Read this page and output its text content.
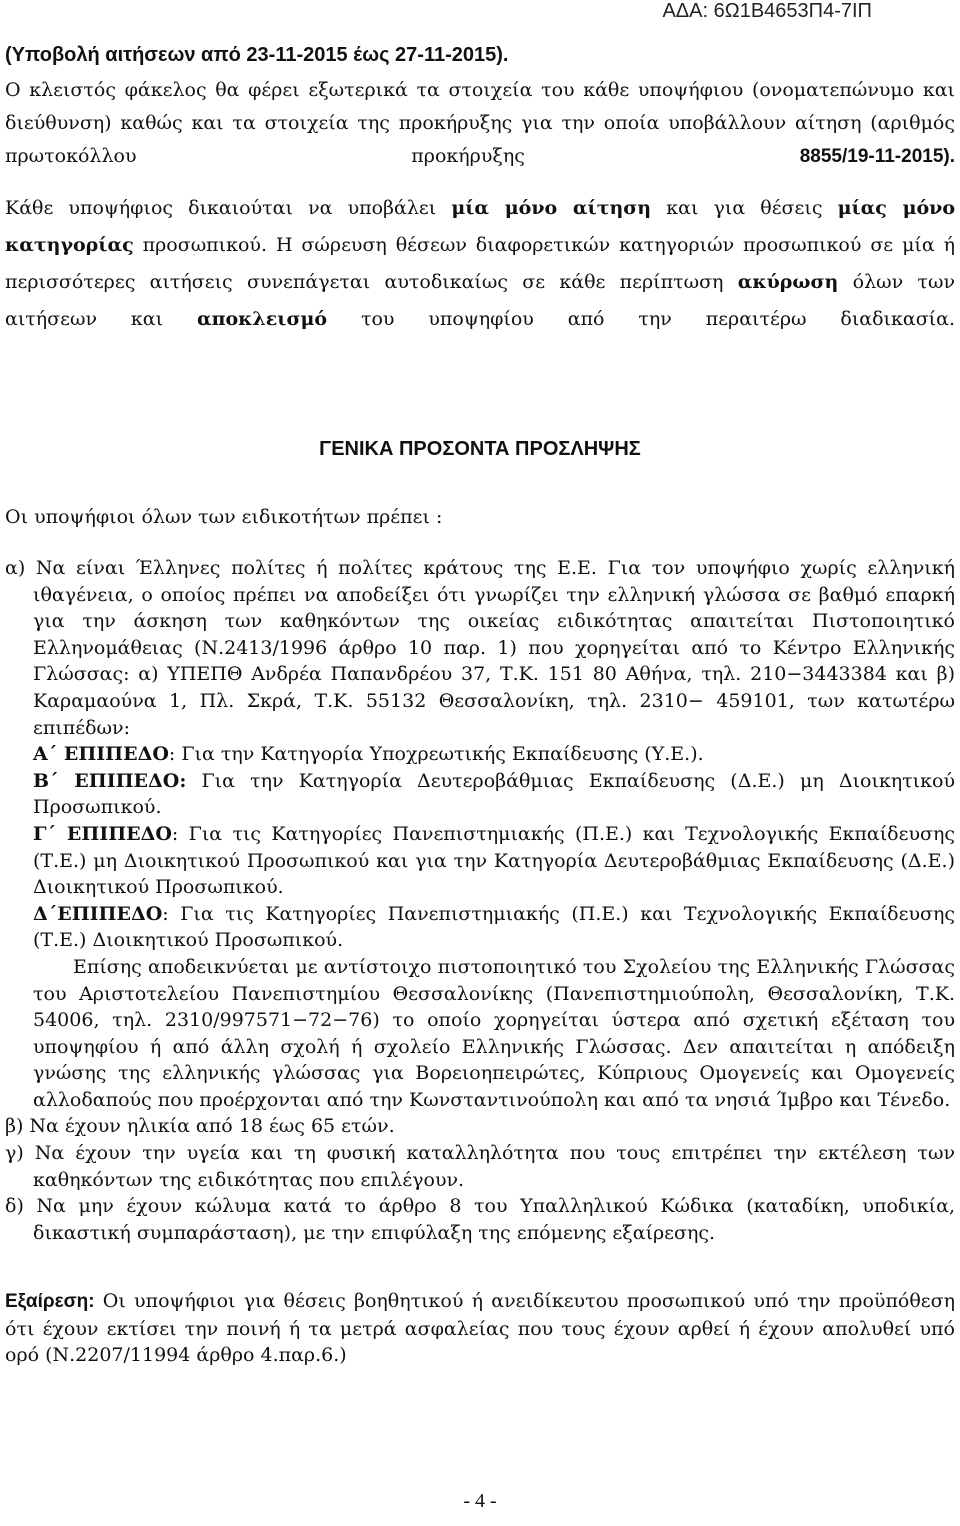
ΑΔΑ: 6Ω1Β4653Π4-7ΙΠ
(Υποβολή αιτήσεων από 23-11-2015 έως 27-11-2015).

Ο κλειστός φάκελος θα φέρει εξωτερικά τα στοιχεία του κάθε υποψήφιου (ονοματεπώνυμο και διεύθυνση) καθώς και τα στοιχεία της προκήρυξης για την οποία υποβάλλουν αίτηση (αριθμός πρωτοκόλλου προκήρυξης 8855/19-11-2015).

Κάθε υποψήφιος δικαιούται να υποβάλει μία μόνο αίτηση και για θέσεις μίας μόνο κατηγορίας προσωπικού. Η σώρευση θέσεων διαφορετικών κατηγοριών προσωπικού σε μία ή περισσότερες αιτήσεις συνεπάγεται αυτοδικαίως σε κάθε περίπτωση ακύρωση όλων των αιτήσεων και αποκλεισμό του υποψηφίου από την περαιτέρω διαδικασία.

ΓΕΝΙΚΑ ΠΡΟΣΟΝΤΑ ΠΡΟΣΛΗΨΗΣ
Οι υποψήφιοι όλων των ειδικοτήτων πρέπει :
α) Να είναι Έλληνες πολίτες ή πολίτες κράτους της Ε.Ε. Για τον υποψήφιο χωρίς ελληνική ιθαγένεια, ο οποίος πρέπει να αποδείξει ότι γνωρίζει την ελληνική γλώσσα σε βαθμό επαρκή για την άσκηση των καθηκόντων της οικείας ειδικότητας απαιτείται Πιστοποιητικό Ελληνομάθειας (Ν.2413/1996 άρθρο 10 παρ. 1) που χορηγείται από το Κέντρο Ελληνικής Γλώσσας: α) ΥΠΕΠΘ Ανδρέα Παπανδρέου 37, Τ.Κ. 151 80 Αθήνα, τηλ. 210−3443384 και β) Καραμαούνα 1, Πλ. Σκρά, Τ.Κ. 55132 Θεσσαλονίκη, τηλ. 2310− 459101, των κατωτέρω επιπέδων:
Α΄ ΕΠΙΠΕΔΟ: Για την Κατηγορία Υποχρεωτικής Εκπαίδευσης (Υ.Ε.).
Β΄ ΕΠΙΠΕΔΟ: Για την Κατηγορία Δευτεροβάθμιας Εκπαίδευσης (Δ.Ε.) μη Διοικητικού Προσωπικού.
Γ΄ ΕΠΙΠΕΔΟ: Για τις Κατηγορίες Πανεπιστημιακής (Π.Ε.) και Τεχνολογικής Εκπαίδευσης (Τ.Ε.) μη Διοικητικού Προσωπικού και για την Κατηγορία Δευτεροβάθμιας Εκπαίδευσης (Δ.Ε.) Διοικητικού Προσωπικού.
Δ΄ΕΠΙΠΕΔΟ: Για τις Κατηγορίες Πανεπιστημιακής (Π.Ε.) και Τεχνολογικής Εκπαίδευσης (Τ.Ε.) Διοικητικού Προσωπικού.
Επίσης αποδεικνύεται με αντίστοιχο πιστοποιητικό του Σχολείου της Ελληνικής Γλώσσας του Αριστοτελείου Πανεπιστημίου Θεσσαλονίκης (Πανεπιστημιούπολη, Θεσσαλονίκη, Τ.Κ. 54006, τηλ. 2310/997571−72−76) το οποίο χορηγείται ύστερα από σχετική εξέταση του υποψηφίου ή από άλλη σχολή ή σχολείο Ελληνικής Γλώσσας. Δεν απαιτείται η απόδειξη γνώσης της ελληνικής γλώσσας για Βορειοηπειρώτες, Κύπριους Ομογενείς και Ομογενείς αλλοδαπούς που προέρχονται από την Κωνσταντινούπολη και από τα νησιά Ίμβρο και Τένεδο.
β) Να έχουν ηλικία από 18 έως 65 ετών.
γ) Να έχουν την υγεία και τη φυσική καταλληλότητα που τους επιτρέπει την εκτέλεση των καθηκόντων της ειδικότητας που επιλέγουν.
δ) Να μην έχουν κώλυμα κατά το άρθρο 8 του Υπαλληλικού Κώδικα (καταδίκη, υποδικία, δικαστική συμπαράσταση), με την επιφύλαξη της επόμενης εξαίρεσης.

Εξαίρεση: Οι υποψήφιοι για θέσεις βοηθητικού ή ανειδίκευτου προσωπικού υπό την προϋπόθεση ότι έχουν εκτίσει την ποινή ή τα μετρά ασφαλείας που τους έχουν αρθεί ή έχουν απολυθεί υπό ορό (Ν.2207/11994 άρθρο 4.παρ.6.)

- 4 -
